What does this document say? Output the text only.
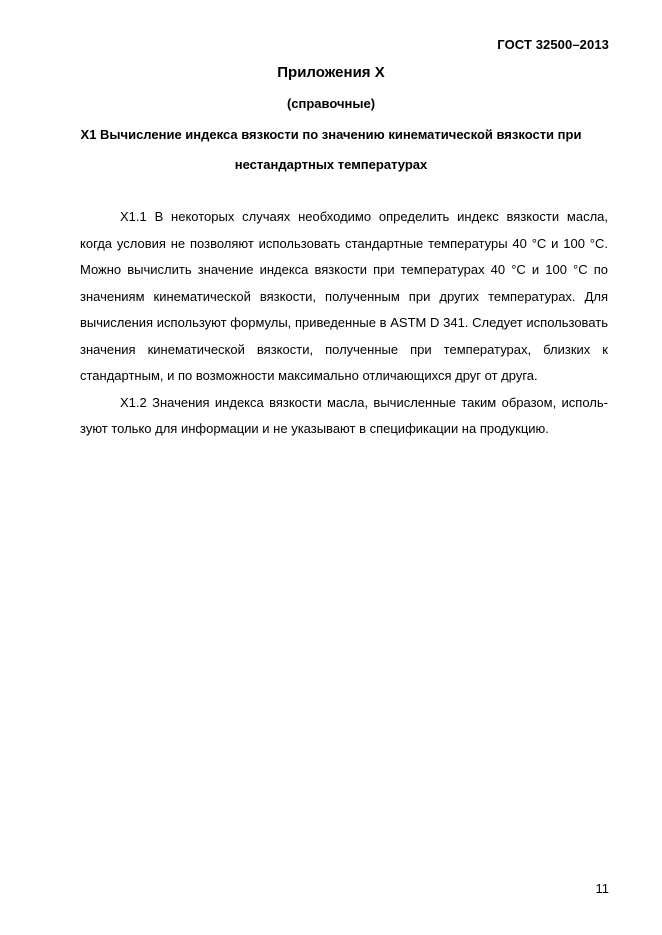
ГОСТ 32500–2013
Приложения Х
(справочные)
Х1 Вычисление индекса вязкости по значению кинематической вязкости при нестандартных температурах

Х1.1 В некоторых случаях необходимо определить индекс вязкости масла, когда условия не позволяют использовать стандартные температуры 40 °С и 100 °С. Можно вычислить значение индекса вязкости при температурах 40 °С и 100 °С по значениям кинематической вязкости, полученным при других температурах. Для вычисления используют формулы, приведенные в ASTM D 341. Следует использовать значения кинематической вязкости, полученные при температурах, близких к стандартным, и по возможности максимально отличающихся друг от друга.

Х1.2 Значения индекса вязкости масла, вычисленные таким образом, используют только для информации и не указывают в спецификации на продукцию.

11
